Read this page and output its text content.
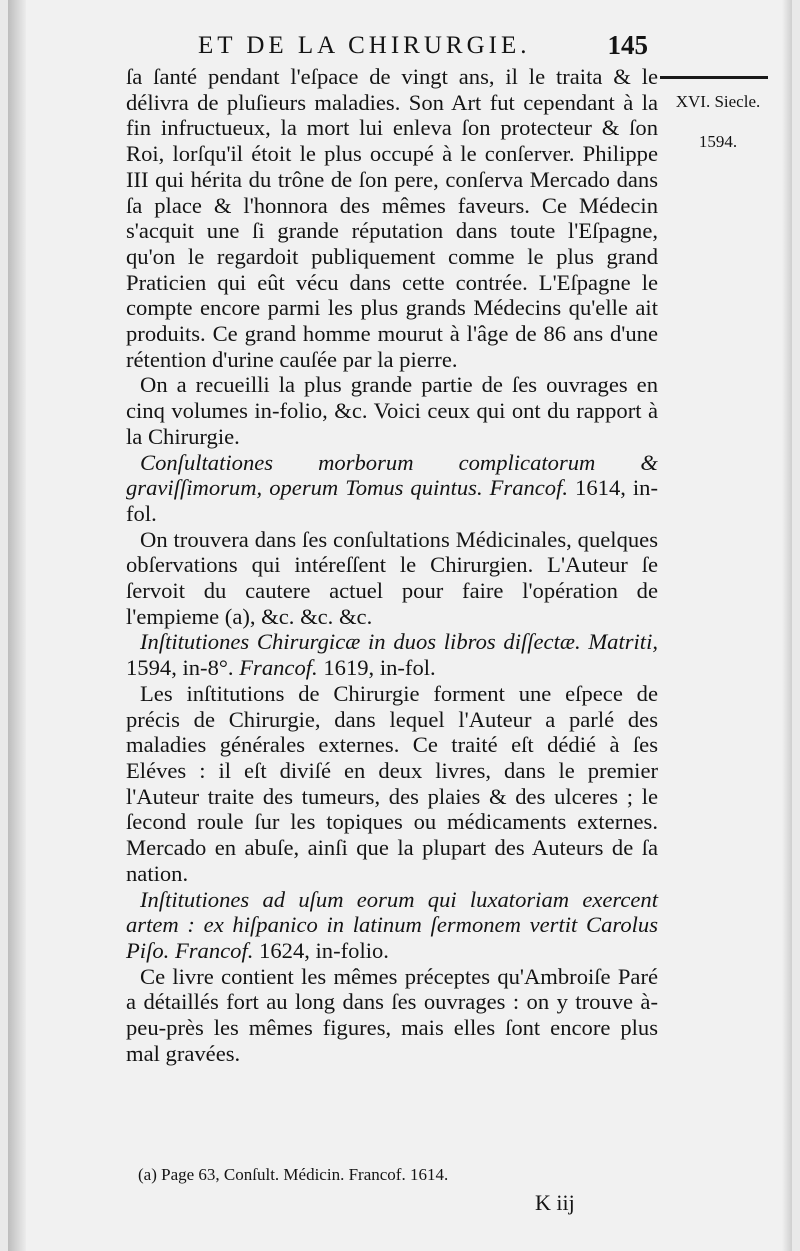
ET DE LA CHIRURGIE.	145
XVI. Siecle.
1594.

ſa ſanté pendant l'eſpace de vingt ans, il le traita & le délivra de pluſieurs maladies. Son Art fut cependant à la fin infructueux, la mort lui enleva ſon protecteur & ſon Roi, lorſqu'il étoit le plus occupé à le conſerver. Philippe III qui hérita du trône de ſon pere, conſerva Mercado dans ſa place & l'honnora des mêmes faveurs. Ce Médecin s'acquit une ſi grande réputation dans toute l'Eſpagne, qu'on le regardoit publiquement comme le plus grand Praticien qui eût vécu dans cette contrée. L'Eſpagne le compte encore parmi les plus grands Médecins qu'elle ait produits. Ce grand homme mourut à l'âge de 86 ans d'une rétention d'urine cauſée par la pierre.

On a recueilli la plus grande partie de ſes ouvrages en cinq volumes in-folio, &c. Voici ceux qui ont du rapport à la Chirurgie.

Conſultationes morborum complicatorum & graviſſimorum, operum Tomus quintus. Francof. 1614, in-fol.

On trouvera dans ſes conſultations Médicinales, quelques obſervations qui intéreſſent le Chirurgien. L'Auteur ſe ſervoit du cautere actuel pour faire l'opération de l'empieme (a), &c. &c. &c.

Inſtitutiones Chirurgicæ in duos libros diſſectæ. Matriti, 1594, in-8°. Francof. 1619, in-fol.

Les inſtitutions de Chirurgie forment une eſpece de précis de Chirurgie, dans lequel l'Auteur a parlé des maladies générales externes. Ce traité eſt dédié à ſes Eléves : il eſt diviſé en deux livres, dans le premier l'Auteur traite des tumeurs, des plaies & des ulceres ; le ſecond roule ſur les topiques ou médicaments externes. Mercado en abuſe, ainſi que la plupart des Auteurs de ſa nation.

Inſtitutiones ad uſum eorum qui luxatoriam exercent artem : ex hiſpanico in latinum ſermonem vertit Carolus Piſo. Francof. 1624, in-folio.

Ce livre contient les mêmes préceptes qu'Ambroiſe Paré a détaillés fort au long dans ſes ouvrages : on y trouve à-peu-près les mêmes figures, mais elles ſont encore plus mal gravées.

(a) Page 63, Conſult. Médicin. Francof. 1614.
K iij
